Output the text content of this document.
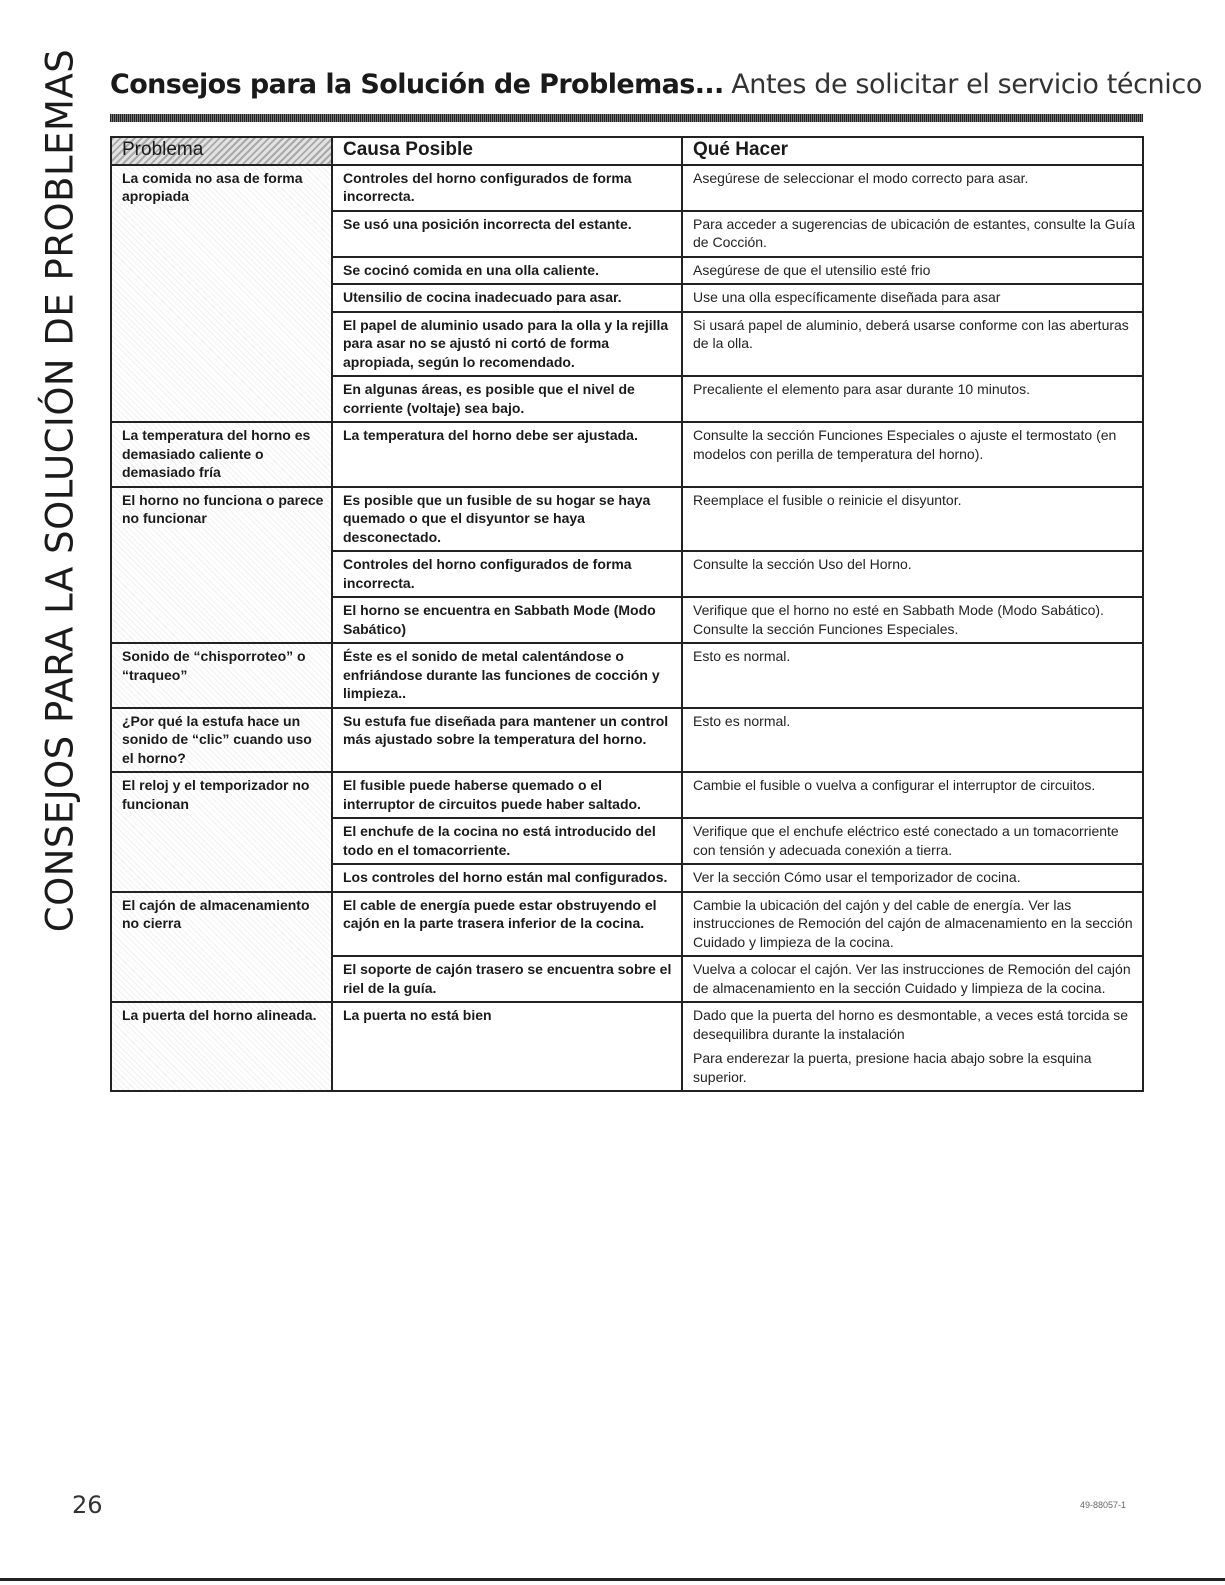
CONSEJOS PARA LA SOLUCIÓN DE PROBLEMAS Consejos para la Solución de Problemas... Antes de solicitar el servicio técnico
Problema	Causa Posible	Qué Hacer
La comida no asa de forma apropiada	Controles del horno configurados de forma incorrecta.	Asegúrese de seleccionar el modo correcto para asar.
	Se usó una posición incorrecta del estante.	Para acceder a sugerencias de ubicación de estantes, consulte la Guía de Cocción.
	Se cocinó comida en una olla caliente.	Asegúrese de que el utensilio esté frio
	Utensilio de cocina inadecuado para asar.	Use una olla específicamente diseñada para asar
	El papel de aluminio usado para la olla y la rejilla para asar no se ajustó ni cortó de forma apropiada, según lo recomendado.	Si usará papel de aluminio, deberá usarse conforme con las aberturas de la olla.
	En algunas áreas, es posible que el nivel de corriente (voltaje) sea bajo.	Precaliente el elemento para asar durante 10 minutos.
La temperatura del horno es demasiado caliente o demasiado fría	La temperatura del horno debe ser ajustada.	Consulte la sección Funciones Especiales o ajuste el termostato (en modelos con perilla de temperatura del horno).
El horno no funciona o parece no funcionar	Es posible que un fusible de su hogar se haya quemado o que el disyuntor se haya desconectado.	Reemplace el fusible o reinicie el disyuntor.
	Controles del horno configurados de forma incorrecta.	Consulte la sección Uso del Horno.
	El horno se encuentra en Sabbath Mode (Modo Sabático)	Verifique que el horno no esté en Sabbath Mode (Modo Sabático). Consulte la sección Funciones Especiales.
Sonido de “chisporroteo” o “traqueo”	Éste es el sonido de metal calentándose o enfriándose durante las funciones de cocción y limpieza..	Esto es normal.
¿Por qué la estufa hace un sonido de “clic” cuando uso el horno?	Su estufa fue diseñada para mantener un control más ajustado sobre la temperatura del horno.	Esto es normal.
El reloj y el temporizador no funcionan	El fusible puede haberse quemado o el interruptor de circuitos puede haber saltado.	Cambie el fusible o vuelva a configurar el interruptor de circuitos.
	El enchufe de la cocina no está introducido del todo en el tomacorriente.	Verifique que el enchufe eléctrico esté conectado a un tomacorriente con tensión y adecuada conexión a tierra.
	Los controles del horno están mal configurados.	Ver la sección Cómo usar el temporizador de cocina.
El cajón de almacenamiento no cierra	El cable de energía puede estar obstruyendo el cajón en la parte trasera inferior de la cocina.	Cambie la ubicación del cajón y del cable de energía. Ver las instrucciones de Remoción del cajón de almacenamiento en la sección Cuidado y limpieza de la cocina.
	El soporte de cajón trasero se encuentra sobre el riel de la guía.	Vuelva a colocar el cajón. Ver las instrucciones de Remoción del cajón de almacenamiento en la sección Cuidado y limpieza de la cocina.
La puerta del horno alineada.	La puerta no está bien	Dado que la puerta del horno es desmontable, a veces está torcida se desequilibra durante la instalación

Para enderezar la puerta, presione hacia abajo sobre la esquina superior.

26	49-88057-1
